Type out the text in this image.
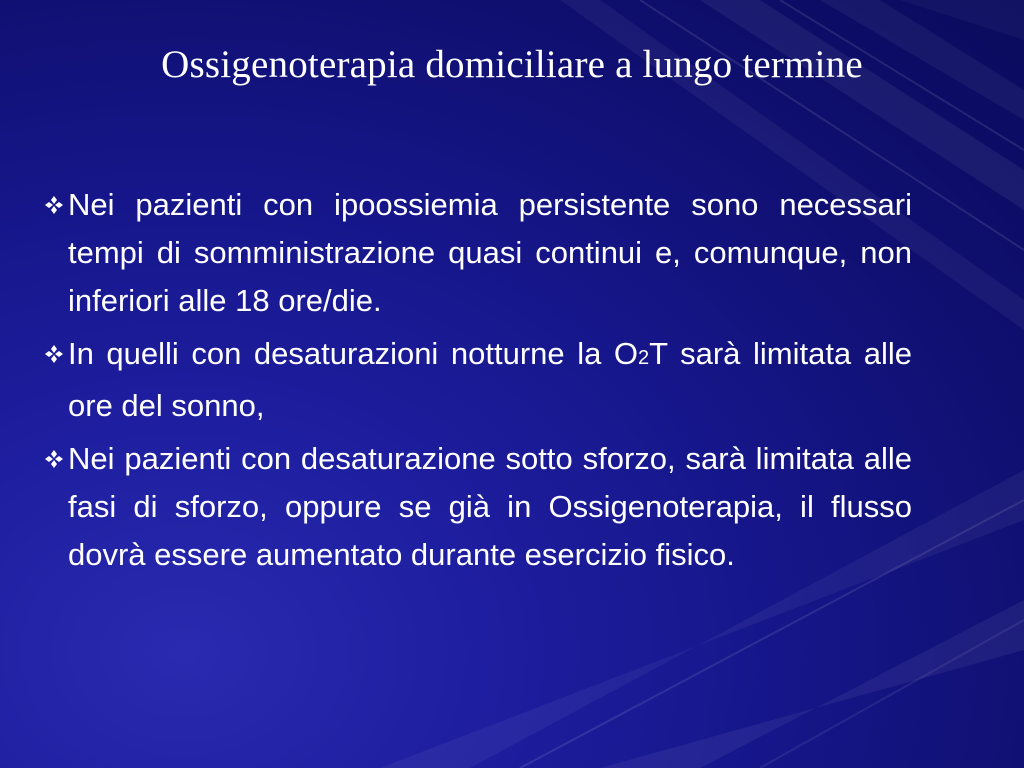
Ossigenoterapia domiciliare a lungo termine
Nei pazienti con ipoossiemia persistente sono necessari tempi di somministrazione quasi continui e, comunque, non inferiori alle 18 ore/die.
In quelli con desaturazioni notturne la O2T sarà limitata alle ore del sonno,
Nei pazienti con desaturazione sotto sforzo, sarà limitata alle fasi di sforzo, oppure se già in Ossigenoterapia, il flusso dovrà essere aumentato durante esercizio fisico.
